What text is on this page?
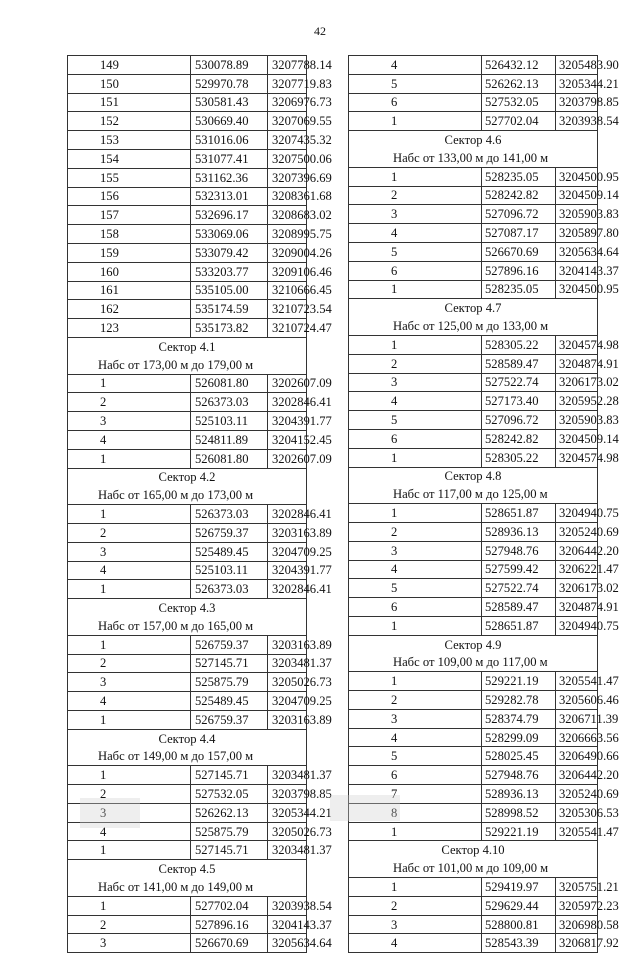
42
149	530078.89	3207788.14
150	529970.78	3207719.83
151	530581.43	3206976.73
152	530669.40	3207069.55
153	531016.06	3207435.32
154	531077.41	3207500.06
155	531162.36	3207396.69
156	532313.01	3208361.68
157	532696.17	3208683.02
158	533069.06	3208995.75
159	533079.42	3209004.26
160	533203.77	3209106.46
161	535105.00	3210666.45
162	535174.59	3210723.54
123	535173.82	3210724.47
Сектор 4.1		
Набс от 173,00 м до 179,00 м		
1	526081.80	3202607.09
2	526373.03	3202846.41
3	525103.11	3204391.77
4	524811.89	3204152.45
1	526081.80	3202607.09
Сектор 4.2		
Набс от 165,00 м до 173,00 м		
1	526373.03	3202846.41
2	526759.37	3203163.89
3	525489.45	3204709.25
4	525103.11	3204391.77
1	526373.03	3202846.41
Сектор 4.3		
Набс от 157,00 м до 165,00 м		
1	526759.37	3203163.89
2	527145.71	3203481.37
3	525875.79	3205026.73
4	525489.45	3204709.25
1	526759.37	3203163.89
Сектор 4.4		
Набс от 149,00 м до 157,00 м		
1	527145.71	3203481.37
2	527532.05	3203798.85
3	526262.13	3205344.21
4	525875.79	3205026.73
1	527145.71	3203481.37
Сектор 4.5		
Набс от 141,00 м до 149,00 м		
1	527702.04	3203938.54
2	527896.16	3204143.37
3	526670.69	3205634.64
4	526432.12	3205483.90
5	526262.13	3205344.21
6	527532.05	3203798.85
1	527702.04	3203938.54
Сектор 4.6		
Набс от 133,00 м до 141,00 м		
1	528235.05	3204500.95
2	528242.82	3204509.14
3	527096.72	3205903.83
4	527087.17	3205897.80
5	526670.69	3205634.64
6	527896.16	3204143.37
1	528235.05	3204500.95
Сектор 4.7		
Набс от 125,00 м до 133,00 м		
1	528305.22	3204574.98
2	528589.47	3204874.91
3	527522.74	3206173.02
4	527173.40	3205952.28
5	527096.72	3205903.83
6	528242.82	3204509.14
1	528305.22	3204574.98
Сектор 4.8		
Набс от 117,00 м до 125,00 м		
1	528651.87	3204940.75
2	528936.13	3205240.69
3	527948.76	3206442.20
4	527599.42	3206221.47
5	527522.74	3206173.02
6	528589.47	3204874.91
1	528651.87	3204940.75
Сектор 4.9		
Набс от 109,00 м до 117,00 м		
1	529221.19	3205541.47
2	529282.78	3205606.46
3	528374.79	3206711.39
4	528299.09	3206663.56
5	528025.45	3206490.66
6	527948.76	3206442.20
7	528936.13	3205240.69
8	528998.52	3205306.53
1	529221.19	3205541.47
Сектор 4.10		
Набс от 101,00 м до 109,00 м		
1	529419.97	3205751.21
2	529629.44	3205972.23
3	528800.81	3206980.58
4	528543.39	3206817.92
